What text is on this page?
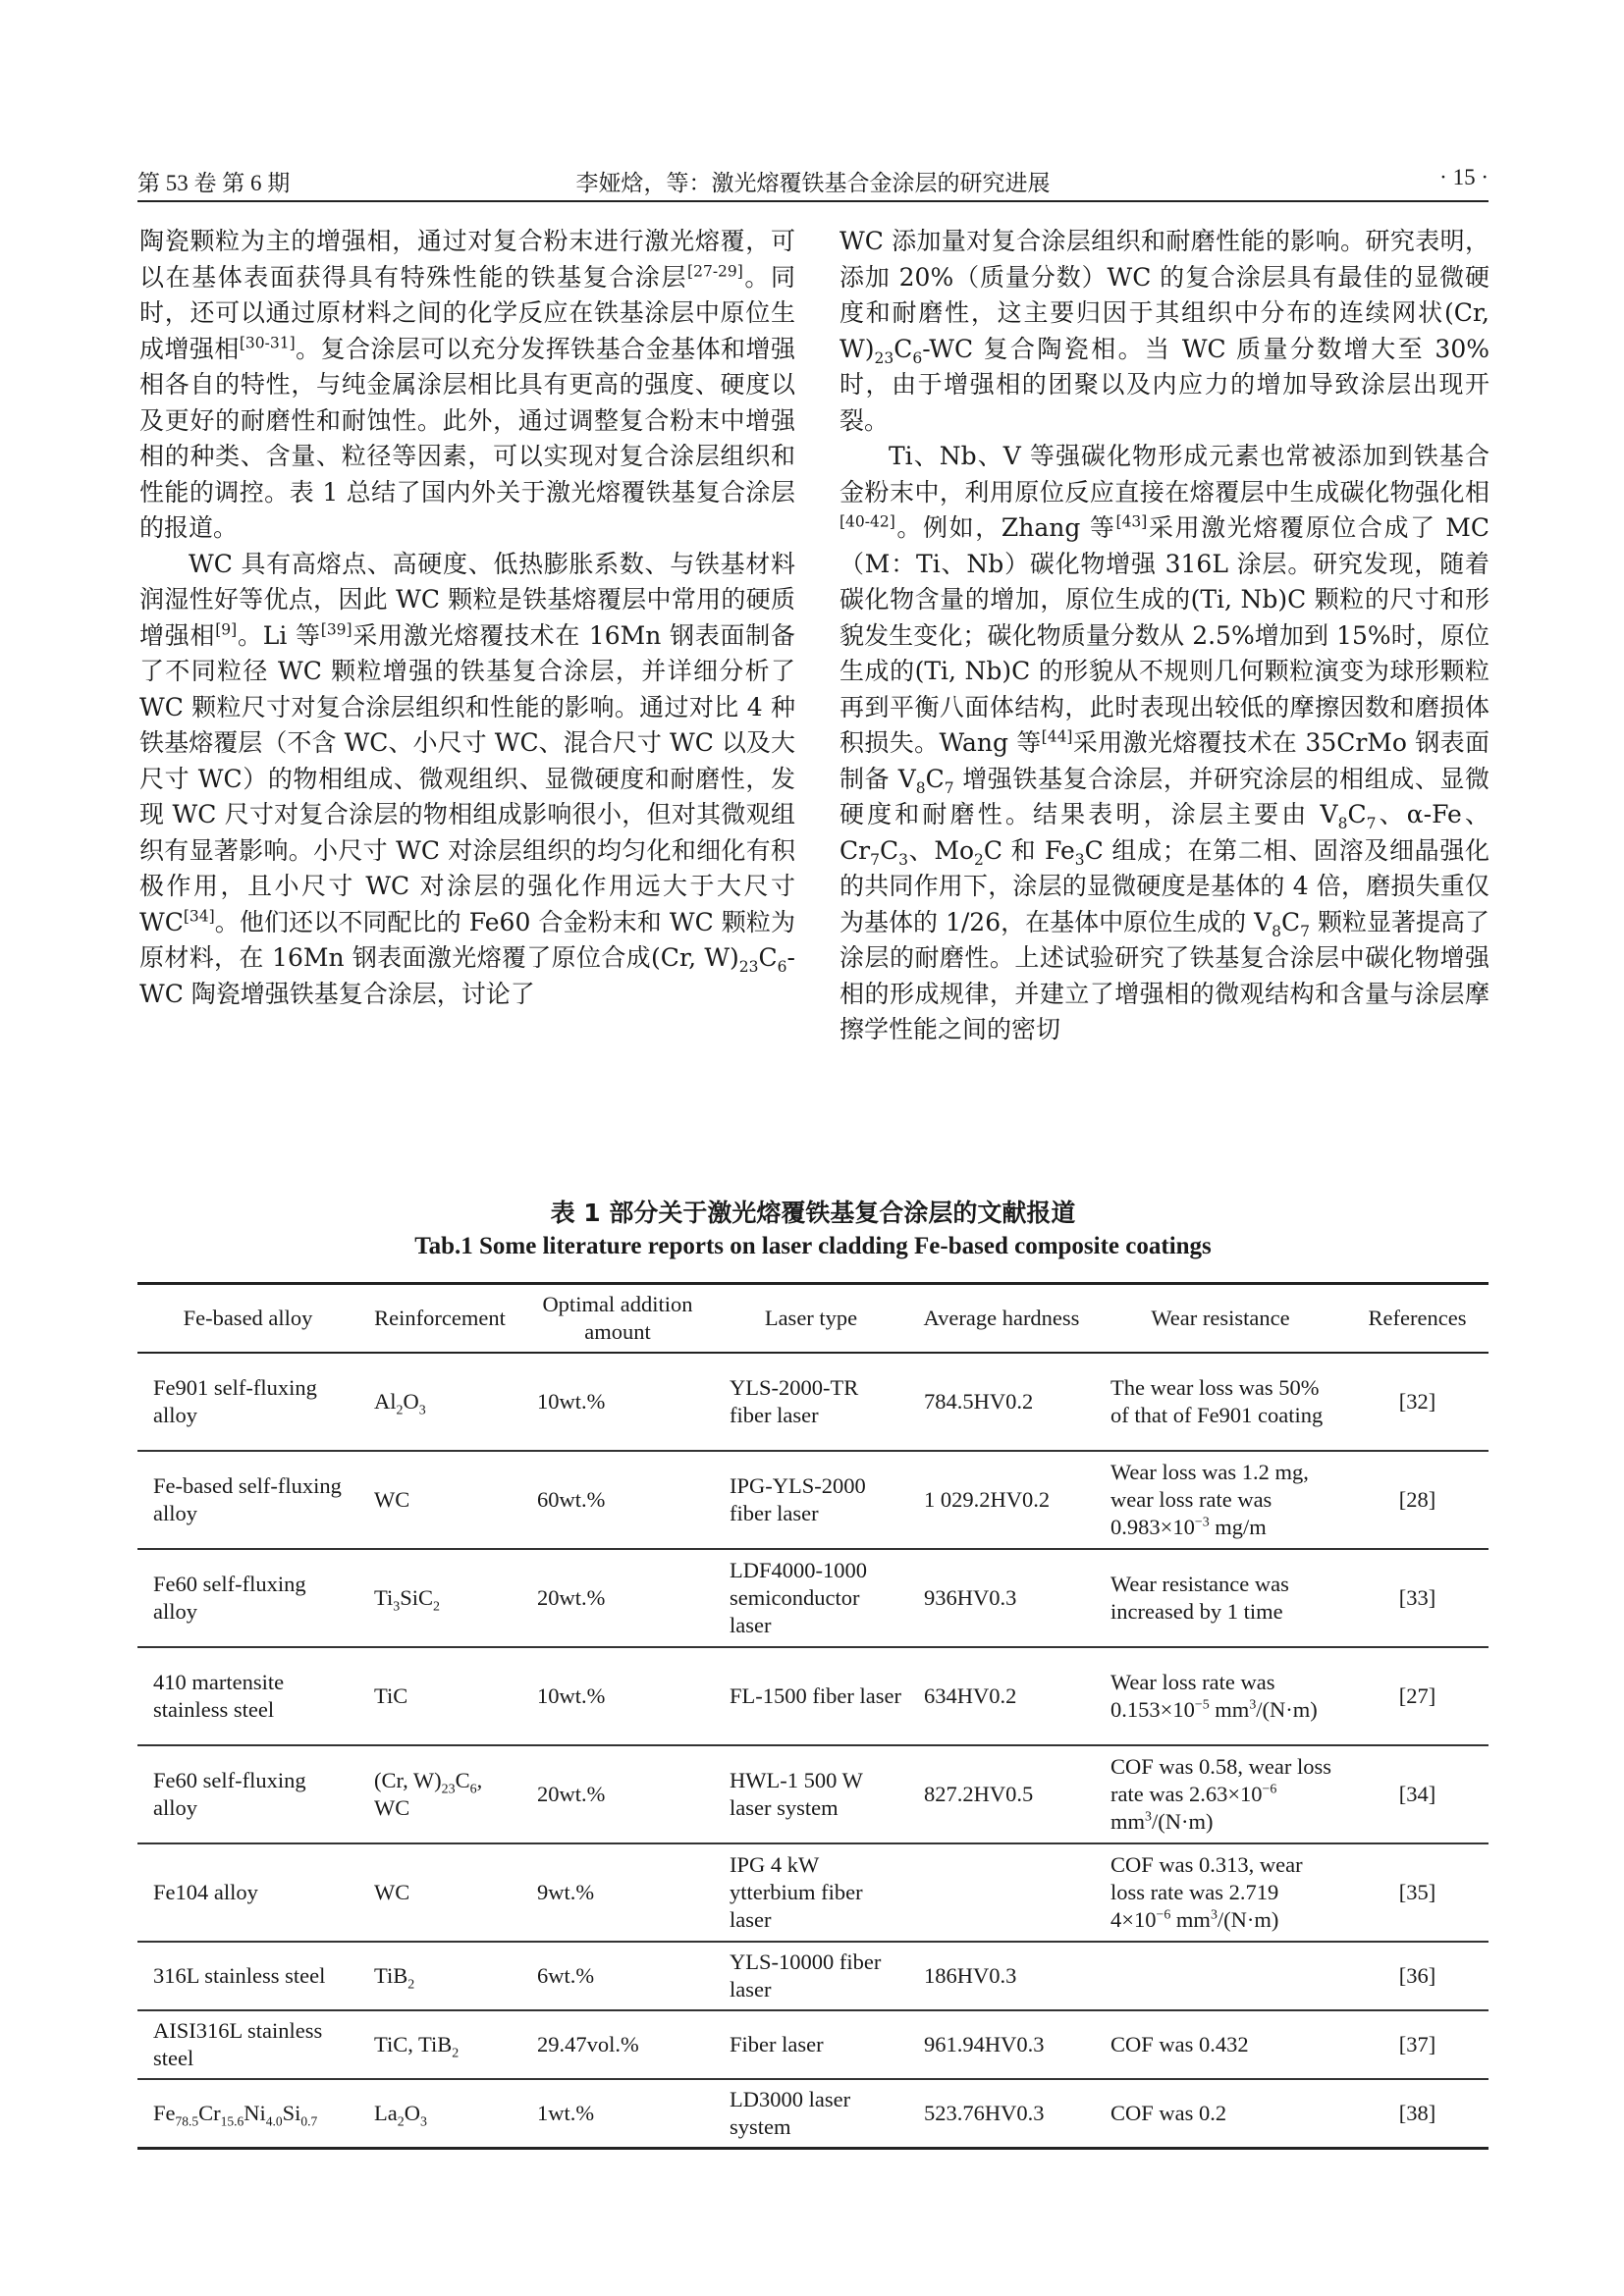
第 53 卷 第 6 期	李娅焓，等：激光熔覆铁基合金涂层的研究进展	· 15 ·

陶瓷颗粒为主的增强相，通过对复合粉末进行激光熔覆，可以在基体表面获得具有特殊性能的铁基复合涂层[27-29]。同时，还可以通过原材料之间的化学反应在铁基涂层中原位生成增强相[30-31]。复合涂层可以充分发挥铁基合金基体和增强相各自的特性，与纯金属涂层相比具有更高的强度、硬度以及更好的耐磨性和耐蚀性。此外，通过调整复合粉末中增强相的种类、含量、粒径等因素，可以实现对复合涂层组织和性能的调控。表 1 总结了国内外关于激光熔覆铁基复合涂层的报道。

WC 具有高熔点、高硬度、低热膨胀系数、与铁基材料润湿性好等优点，因此 WC 颗粒是铁基熔覆层中常用的硬质增强相[9]。Li 等[39]采用激光熔覆技术在 16Mn 钢表面制备了不同粒径 WC 颗粒增强的铁基复合涂层，并详细分析了 WC 颗粒尺寸对复合涂层组织和性能的影响。通过对比 4 种铁基熔覆层（不含 WC、小尺寸 WC、混合尺寸 WC 以及大尺寸 WC）的物相组成、微观组织、显微硬度和耐磨性，发现 WC 尺寸对复合涂层的物相组成影响很小，但对其微观组织有显著影响。小尺寸 WC 对涂层组织的均匀化和细化有积极作用，且小尺寸 WC 对涂层的强化作用远大于大尺寸 WC[34]。他们还以不同配比的 Fe60 合金粉末和 WC 颗粒为原材料，在 16Mn 钢表面激光熔覆了原位合成(Cr, $W)_{23}C_6-WC$ 陶瓷增强铁基复合涂层，讨论了

WC 添加量对复合涂层组织和耐磨性能的影响。研究表明，添加 20%（质量分数）WC 的复合涂层具有最佳的显微硬度和耐磨性，这主要归因于其组织中分布的连续网状(Cr, $W)_{23}C_6-WC$ 复合陶瓷相。当 WC 质量分数增大至 30%时，由于增强相的团聚以及内应力的增加导致涂层出现开裂。

Ti、Nb、V 等强碳化物形成元素也常被添加到铁基合金粉末中，利用原位反应直接在熔覆层中生成碳化物强化相[40-42]。例如，Zhang 等[43]采用激光熔覆原位合成了 MC（M：Ti、Nb）碳化物增强 316L 涂层。研究发现，随着碳化物含量的增加，原位生成的(Ti, Nb)C 颗粒的尺寸和形貌发生变化；碳化物质量分数从 2.5%增加到 15%时，原位生成的(Ti, Nb)C 的形貌从不规则几何颗粒演变为球形颗粒再到平衡八面体结构，此时表现出较低的摩擦因数和磨损体积损失。Wang 等[44]采用激光熔覆技术在 35CrMo 钢表面制备 $V_8C_7$ 增强铁基复合涂层，并研究涂层的相组成、显微硬度和耐磨性。结果表明，涂层主要由 $V_8C_7$、α-Fe、$Cr_7C_3$、$Mo_2C$ 和 $Fe_3C$ 组成；在第二相、固溶及细晶强化的共同作用下，涂层的显微硬度是基体的 4 倍，磨损失重仅为基体的 1/26，在基体中原位生成的 $V_8C_7$ 颗粒显著提高了涂层的耐磨性。上述试验研究了铁基复合涂层中碳化物增强相的形成规律，并建立了增强相的微观结构和含量与涂层摩擦学性能之间的密切

表 1 部分关于激光熔覆铁基复合涂层的文献报道
Tab.1 Some literature reports on laser cladding Fe-based composite coatings
Fe-based alloy	Reinforcement	Optimal addition amount	Laser type	Average hardness	Wear resistance	References
Fe901 self-fluxing alloy	$Al_2O_3$	10wt.%	YLS-2000-TR fiber laser	784.5HV0.2	The wear loss was 50% of that of Fe901 coating	[32]
Fe-based self-fluxing alloy	WC	60wt.%	IPG-YLS-2000 fiber laser	1 029.2HV0.2	Wear loss was 1.2 mg, wear loss rate was $0.983\times 10^{-3}$ mg/m	[28]
Fe60 self-fluxing alloy	$Ti_3SiC_2$	20wt.%	LDF4000-1000 semiconductor laser	936HV0.3	Wear resistance was increased by 1 time	[33]
410 martensite stainless steel	TiC	10wt.%	FL-1500 fiber laser	634HV0.2	Wear loss rate was $0.153\times 10^{-5}$ $mm^3/(N\cdot m)$	[27]
Fe60 self-fluxing alloy	(Cr, $W)_{23}C_6$, WC	20wt.%	HWL-1 500 W laser system	827.2HV0.5	COF was 0.58, wear loss rate was $2.63\times 10^{-6}$ $mm^3/(N\cdot m)$	[34]
Fe104 alloy	WC	9wt.%	IPG 4 kW ytterbium fiber laser		COF was 0.313, wear loss rate was 2.719 $4\times 10^{-6}$ $mm^3/(N\cdot m)$	[35]
316L stainless steel	TiB$_2$	6wt.%	YLS-10000 fiber laser	186HV0.3		[36]
AISI316L stainless steel	TiC, TiB$_2$	29.47vol.%	Fiber laser	961.94HV0.3	COF was 0.432	[37]
$Fe_{78.5}Cr_{15.6}Ni_{4.0}Si_{0.7}$	$La_2O_3$	1wt.%	LD3000 laser system	523.76HV0.3	COF was 0.2	[38]
